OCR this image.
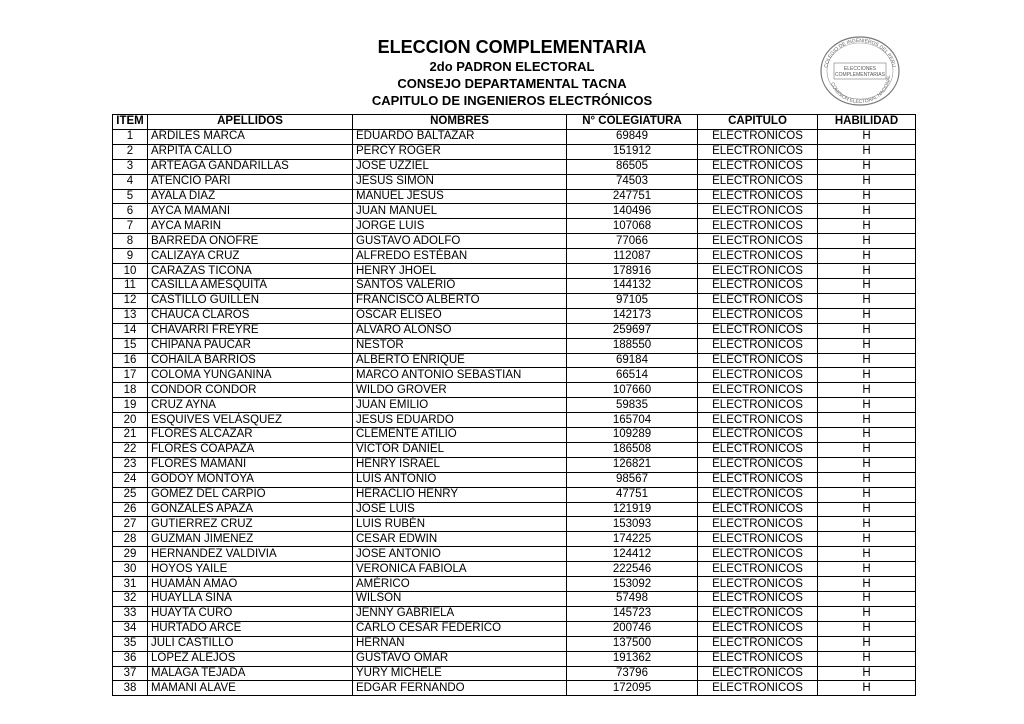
ELECCION COMPLEMENTARIA
2do PADRON ELECTORAL
CONSEJO DEPARTAMENTAL TACNA
CAPITULO DE INGENIEROS ELECTRÓNICOS
COLEGIO DE INGENIEROS DEL PERU
COMISION ELECTORAL NACIONAL
ELECCIONES
COMPLEMENTARIAS
ÍTEM	APELLIDOS	NOMBRES	N° COLEGIATURA	CAPÍTULO	HABILIDAD
1	ARDILES MARCA	EDUARDO BALTAZAR	69849	ELECTRONICOS	H
2	ARPITA CALLO	PERCY ROGER	151912	ELECTRONICOS	H
3	ARTEAGA GANDARILLAS	JOSE UZZIEL	86505	ELECTRONICOS	H
4	ATENCIO PARI	JESUS SIMON	74503	ELECTRONICOS	H
5	AYALA DIAZ	MANUEL JESUS	247751	ELECTRONICOS	H
6	AYCA MAMANI	JUAN MANUEL	140496	ELECTRONICOS	H
7	AYCA MARIN	JORGE LUIS	107068	ELECTRONICOS	H
8	BARREDA ONOFRE	GUSTAVO ADOLFO	77066	ELECTRONICOS	H
9	CALIZAYA CRUZ	ALFREDO ESTÉBAN	112087	ELECTRONICOS	H
10	CARAZAS TICONA	HENRY JHOEL	178916	ELECTRONICOS	H
11	CASILLA AMÉSQUITA	SANTOS VALERIO	144132	ELECTRONICOS	H
12	CASTILLO GUILLEN	FRANCISCO ALBERTO	97105	ELECTRONICOS	H
13	CHAUCA CLAROS	OSCAR ELISEO	142173	ELECTRONICOS	H
14	CHAVARRI FREYRE	ALVARO ALONSO	259697	ELECTRONICOS	H
15	CHIPANA PAUCAR	NESTOR	188550	ELECTRONICOS	H
16	COHAILA BARRIOS	ALBERTO ENRIQUE	69184	ELECTRONICOS	H
17	COLOMA YUNGANINA	MARCO ANTONIO SEBASTIAN	66514	ELECTRONICOS	H
18	CONDOR CONDOR	WILDO GROVER	107660	ELECTRONICOS	H
19	CRUZ AYNA	JUAN EMILIO	59835	ELECTRONICOS	H
20	ESQUIVES VELÁSQUEZ	JESÚS EDUARDO	165704	ELECTRONICOS	H
21	FLORES ALCAZAR	CLEMENTE ATILIO	109289	ELECTRONICOS	H
22	FLORES COAPAZA	VICTOR DANIEL	186508	ELECTRONICOS	H
23	FLORES MAMANI	HENRY ISRAEL	126821	ELECTRONICOS	H
24	GODOY MONTOYA	LUIS ANTONIO	98567	ELECTRONICOS	H
25	GOMEZ DEL CARPIO	HERACLIO HENRY	47751	ELECTRONICOS	H
26	GONZALES APAZA	JOSE LUIS	121919	ELECTRONICOS	H
27	GUTIERREZ CRUZ	LUIS RUBÉN	153093	ELECTRONICOS	H
28	GUZMAN JIMENEZ	CESAR EDWIN	174225	ELECTRONICOS	H
29	HERNANDEZ VALDIVIA	JOSE ANTONIO	124412	ELECTRONICOS	H
30	HOYOS YAILE	VERONICA FABIOLA	222546	ELECTRONICOS	H
31	HUAMÁN AMAO	AMÉRICO	153092	ELECTRONICOS	H
32	HUAYLLA SIÑA	WILSON	57498	ELECTRONICOS	H
33	HUAYTA CURO	JENNY GABRIELA	145723	ELECTRONICOS	H
34	HURTADO ARCE	CARLO CESAR FEDERICO	200746	ELECTRONICOS	H
35	JULI CASTILLO	HERNAN	137500	ELECTRONICOS	H
36	LOPEZ ALEJOS	GUSTAVO OMAR	191362	ELECTRONICOS	H
37	MALAGA TEJADA	YURY MICHELE	73796	ELECTRONICOS	H
38	MAMANI ALAVE	EDGAR FERNANDO	172095	ELECTRONICOS	H
